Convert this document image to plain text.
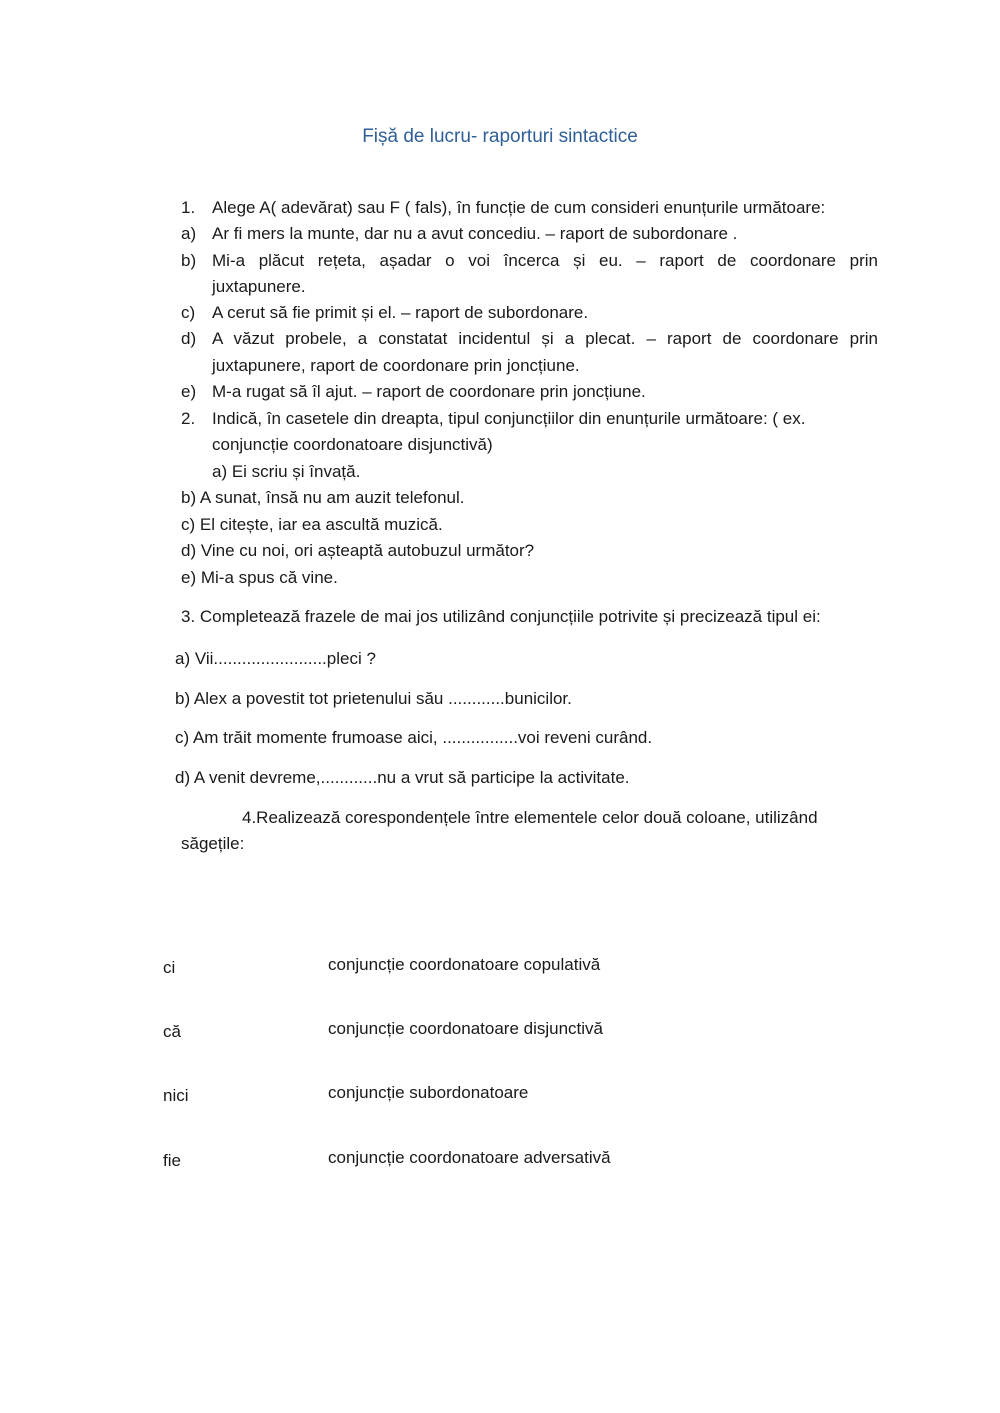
Fișă de lucru- raporturi sintactice
1. Alege A( adevărat) sau F ( fals), în funcție de cum consideri enunțurile următoare:
a) Ar fi mers la munte, dar nu a avut concediu. – raport de subordonare .
b) Mi-a plăcut rețeta, așadar o voi încerca și eu. – raport de coordonare prin
juxtapunere.
c) A cerut să fie primit și el. – raport de subordonare.
d) A văzut probele, a constatat incidentul și a plecat. – raport de coordonare prin
juxtapunere, raport de coordonare prin joncțiune.
e) M-a rugat să îl ajut. – raport de coordonare prin joncțiune.
2. Indică, în casetele din dreapta, tipul conjuncțiilor din enunțurile următoare: ( ex.
conjuncție coordonatoare disjunctivă)
a) Ei scriu și învață.
b) A sunat, însă nu am auzit telefonul.
c) El citește, iar ea ascultă muzică.
d) Vine cu noi, ori așteaptă autobuzul următor?
e) Mi-a spus că vine.
3. Completează frazele de mai jos utilizând conjuncțiile potrivite și precizează tipul ei:
a) Vii........................pleci ?
b) Alex a povestit tot prietenului său ............bunicilor.
c) Am trăit momente frumoase aici, ................voi reveni curând.
d) A venit devreme,............nu a vrut să participe la activitate.
4.Realizează corespondențele între elementele celor două coloane, utilizând
săgețile:
ci	conjuncție coordonatoare copulativă
că	conjuncție coordonatoare disjunctivă
nici	conjuncție subordonatoare
fie	conjuncție coordonatoare adversativă
